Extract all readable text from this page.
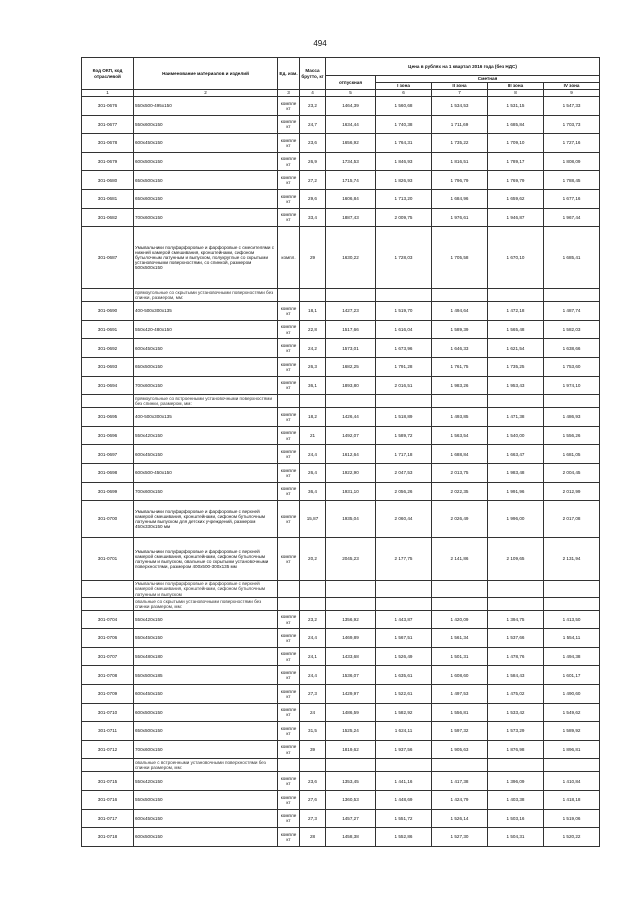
494
Код ОКП, код отраслевой	Наименование материалов и изделий	Ед. изм.	Масса брутто, кг	Цена в рублях на 1 квартал 2016 года (без НДС)				
				отпускная	Сметная			
					I зона	II зона	III зона	IV зона
1	2	3	4	5	6	7	8	9
301-0676	550х500-495х150	компле кт	23,2	1464,39	1 560,68	1 534,53	1 531,15	1 547,33
301-0677	550х600х150	компле кт	24,7	1634,44	1 740,38	1 711,69	1 685,84	1 703,73
301-0678	600х450х150	компле кт	23,6	1656,92	1 764,31	1 735,22	1 709,10	1 727,16
301-0679	600х500х150	компле кт	26,9	1734,53	1 846,93	1 816,51	1 789,17	1 808,09
301-0680	650х500х150	компле кт	27,2	1715,74	1 826,93	1 796,79	1 769,79	1 788,45
301-0681	650х600х150	компле кт	29,6	1606,84	1 713,20	1 684,96	1 659,62	1 677,16
301-0682	700х600х150	компле кт	33,4	1887,43	2 009,75	1 976,61	1 946,87	1 967,44
301-0687	Умывальники полуфарфоровые и фарфоровые с смесителями с нижней камерой смешивания, кронштейнами, сифоном бутылочным латунным и выпуском, полукруглые со скрытыми установочными поверхностями, со спинкой, размером 500х500х150	компл.	29	1630,22	1 728,03	1 705,58	1 670,10	1 685,41
	прямоугольные со скрытыми установочными поверхностями без спинки, размером, мм:							
301-0690	400-500х300х135	компле кт	18,1	1427,23	1 519,70	1 494,64	1 472,18	1 487,74
301-0691	550х420-480х150	компле кт	22,8	1517,66	1 616,04	1 589,39	1 565,48	1 582,03
301-0692	600х450х150	компле кт	24,2	1573,01	1 673,96	1 646,33	1 621,54	1 638,66
301-0693	650х500х150	компле кт	26,3	1682,25	1 791,28	1 761,75	1 735,25	1 753,60
301-0694	700х600х150	компле кт	36,1	1893,80	2 016,51	1 983,26	1 953,43	1 974,10
	прямоугольные со встроенными установочными поверхностями без спинки, размером, мм:							
301-0695	400-500х300х135	компле кт	18,2	1426,44	1 518,89	1 493,85	1 471,38	1 486,93
301-0696	550х420х150	компле кт	21	1492,07	1 589,72	1 563,54	1 540,00	1 556,26
301-0697	600х450х150	компле кт	24,4	1612,64	1 717,18	1 688,84	1 663,47	1 681,05
301-0698	600х500-450х150	компле кт	26,4	1922,90	2 047,53	2 013,75	1 983,48	2 004,45
301-0699	700х600х150	компле кт	36,4	1931,10	2 056,26	2 022,35	1 991,96	2 012,99
301-0700	Умывальники полуфарфоровые и фарфоровые с верхней камерой смешивания, кронштейнами, сифоном бутылочным латунным выпуском для детских учреждений, размером 450х330х150 мм	компле кт	15,87	1935,04	2 060,44	2 026,49	1 996,00	2 017,08
301-0701	Умывальники полуфарфоровые и фарфоровые с верхней камерой смешивания, кронштейнами, сифоном бутылочным латунным и выпуском, овальные со скрытыми установочными поверхностями, размером 400х500-300х135 мм	компле кт	20,2	2045,23	2 177,75	2 141,86	2 109,65	2 131,94
	Умывальники полуфарфоровые и фарфоровые с верхней камерой смешивания, кронштейнами, сифоном бутылочным латунным и выпуском							
	овальные со скрытыми установочными поверхностями без спинки размером, мм:							
301-0704	550х420х150	компле кт	23,2	1356,92	1 443,87	1 420,09	1 394,75	1 413,50
301-0706	550х450х150	компле кт	24,4	1469,89	1 567,51	1 561,34	1 537,66	1 554,11
301-0707	550х480х180	компле кт	24,1	1433,68	1 526,49	1 501,31	1 478,76	1 494,38
301-0708	550х500х185	компле кт	24,4	1536,07	1 635,61	1 608,60	1 584,43	1 601,17
301-0709	600х450х150	компле кт	27,3	1429,97	1 522,61	1 497,53	1 475,02	1 490,60
301-0710	600х500х150	компле кт	24	1486,59	1 582,92	1 556,81	1 533,42	1 549,62
301-0711	650х500х150	компле кт	31,5	1525,24	1 624,11	1 597,32	1 573,29	1 589,92
301-0712	700х600х150	компле кт	39	1819,62	1 937,56	1 905,63	1 876,98	1 896,81
	овальные с встроенными установочными поверхностями без спинки размером, мм:							
301-0715	550х420х150	компле кт	23,6	1353,45	1 441,16	1 417,38	1 396,09	1 410,84
301-0716	550х500х150	компле кт	27,6	1360,53	1 448,69	1 424,79	1 403,38	1 418,18
301-0717	600х450х150	компле кт	27,3	1457,27	1 551,72	1 526,14	1 503,16	1 519,06
301-0718	600х500х150	компле кт	28	1458,38	1 552,86	1 527,30	1 504,31	1 520,22
